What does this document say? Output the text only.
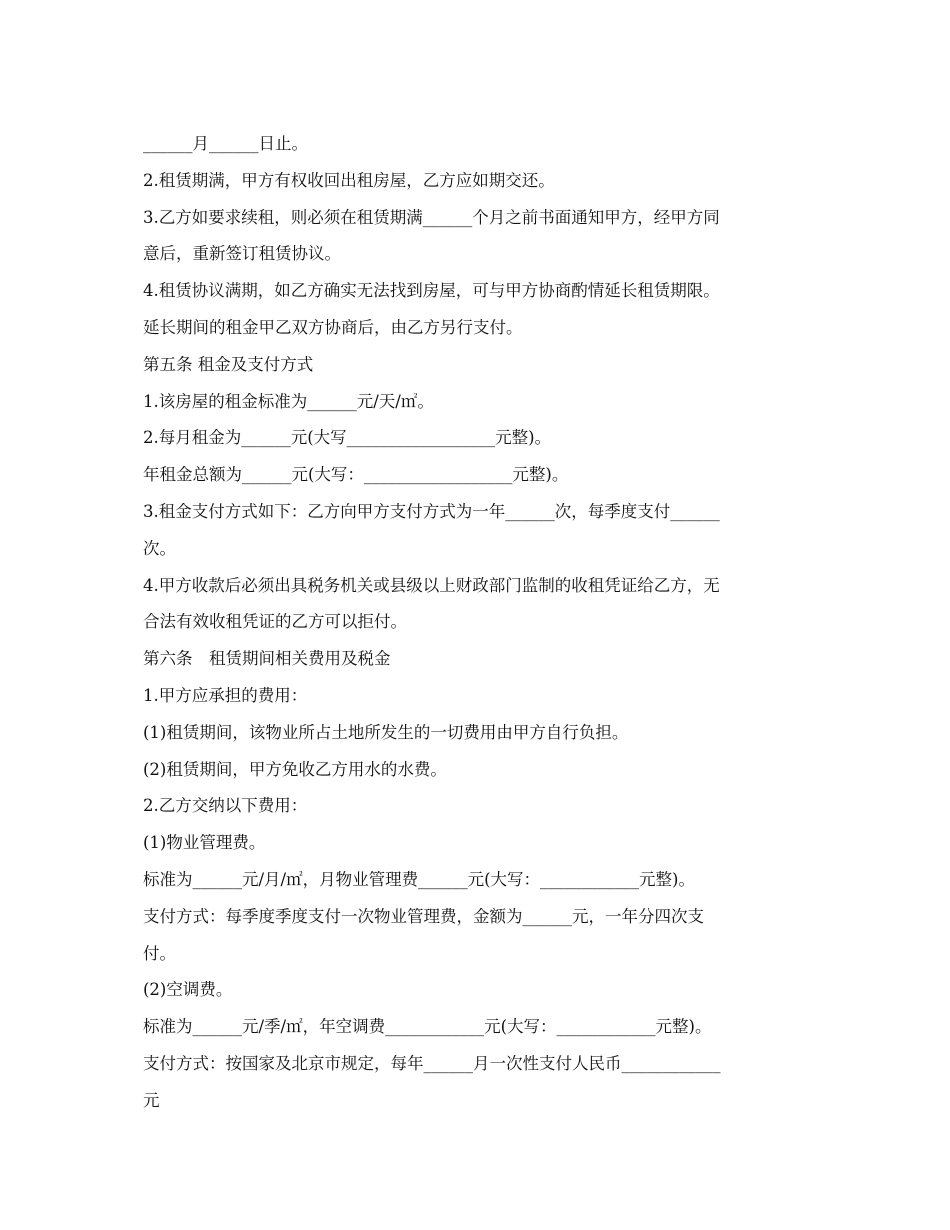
______月______日止。
2.租赁期满，甲方有权收回出租房屋，乙方应如期交还。
3.乙方如要求续租，则必须在租赁期满______个月之前书面通知甲方，经甲方同
意后，重新签订租赁协议。
4.租赁协议满期，如乙方确实无法找到房屋，可与甲方协商酌情延长租赁期限。
延长期间的租金甲乙双方协商后，由乙方另行支付。
第五条 租金及支付方式
1.该房屋的租金标准为______元/天/㎡。
2.每月租金为______元(大写__________________元整)。
年租金总额为______元(大写：__________________元整)。
3.租金支付方式如下：乙方向甲方支付方式为一年______次，每季度支付______
次。
4.甲方收款后必须出具税务机关或县级以上财政部门监制的收租凭证给乙方，无
合法有效收租凭证的乙方可以拒付。
第六条　租赁期间相关费用及税金
1.甲方应承担的费用：
(1)租赁期间，该物业所占土地所发生的一切费用由甲方自行负担。
(2)租赁期间，甲方免收乙方用水的水费。
2.乙方交纳以下费用：
(1)物业管理费。
标准为______元/月/㎡，月物业管理费______元(大写：____________元整)。
支付方式：每季度季度支付一次物业管理费，金额为______元，一年分四次支
付。
(2)空调费。
标准为______元/季/㎡，年空调费____________元(大写：____________元整)。
支付方式：按国家及北京市规定，每年______月一次性支付人民币____________
元
